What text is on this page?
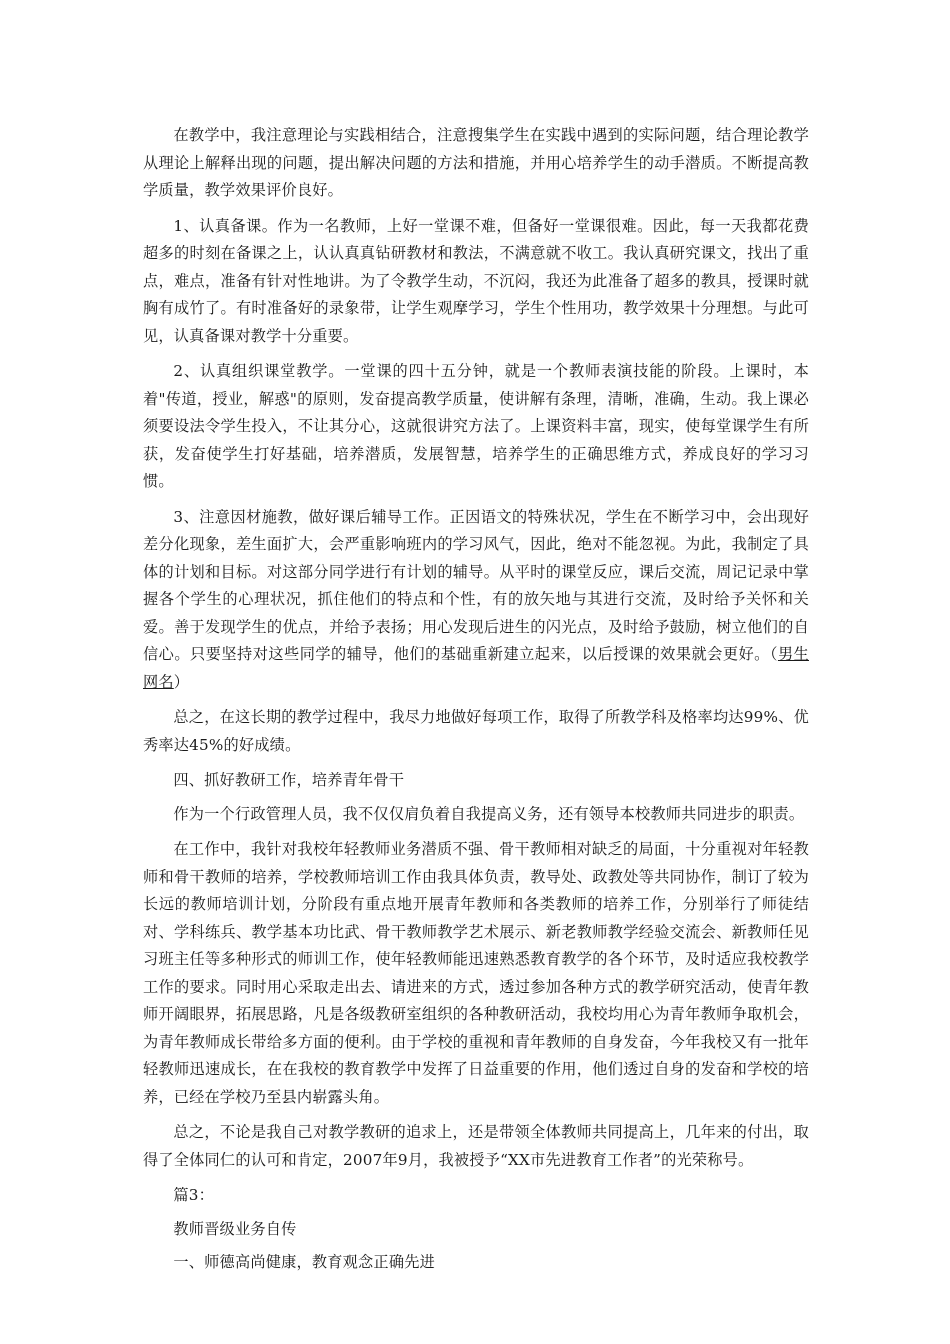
在教学中，我注意理论与实践相结合，注意搜集学生在实践中遇到的实际问题，结合理论教学从理论上解释出现的问题，提出解决问题的方法和措施，并用心培养学生的动手潜质。不断提高教学质量，教学效果评价良好。

1、认真备课。作为一名教师，上好一堂课不难，但备好一堂课很难。因此，每一天我都花费超多的时刻在备课之上，认认真真钻研教材和教法，不满意就不收工。我认真研究课文，找出了重点，难点，准备有针对性地讲。为了令教学生动，不沉闷，我还为此准备了超多的教具，授课时就胸有成竹了。有时准备好的录象带，让学生观摩学习，学生个性用功，教学效果十分理想。与此可见，认真备课对教学十分重要。

2、认真组织课堂教学。一堂课的四十五分钟，就是一个教师表演技能的阶段。上课时，本着"传道，授业，解惑"的原则，发奋提高教学质量，使讲解有条理，清晰，准确，生动。我上课必须要设法令学生投入，不让其分心，这就很讲究方法了。上课资料丰富，现实，使每堂课学生有所获，发奋使学生打好基础，培养潜质，发展智慧，培养学生的正确思维方式，养成良好的学习习惯。

3、注意因材施教，做好课后辅导工作。正因语文的特殊状况，学生在不断学习中，会出现好差分化现象，差生面扩大，会严重影响班内的学习风气，因此，绝对不能忽视。为此，我制定了具体的计划和目标。对这部分同学进行有计划的辅导。从平时的课堂反应，课后交流，周记记录中掌握各个学生的心理状况，抓住他们的特点和个性，有的放矢地与其进行交流，及时给予关怀和关爱。善于发现学生的优点，并给予表扬；用心发现后进生的闪光点，及时给予鼓励，树立他们的自信心。只要坚持对这些同学的辅导，他们的基础重新建立起来，以后授课的效果就会更好。（男生网名）

总之，在这长期的教学过程中，我尽力地做好每项工作，取得了所教学科及格率均达99%、优秀率达45%的好成绩。

四、抓好教研工作，培养青年骨干

作为一个行政管理人员，我不仅仅肩负着自我提高义务，还有领导本校教师共同进步的职责。

在工作中，我针对我校年轻教师业务潜质不强、骨干教师相对缺乏的局面，十分重视对年轻教师和骨干教师的培养，学校教师培训工作由我具体负责，教导处、政教处等共同协作，制订了较为长远的教师培训计划，分阶段有重点地开展青年教师和各类教师的培养工作，分别举行了师徒结对、学科练兵、教学基本功比武、骨干教师教学艺术展示、新老教师教学经验交流会、新教师任见习班主任等多种形式的师训工作，使年轻教师能迅速熟悉教育教学的各个环节，及时适应我校教学工作的要求。同时用心采取走出去、请进来的方式，透过参加各种方式的教学研究活动，使青年教师开阔眼界，拓展思路，凡是各级教研室组织的各种教研活动，我校均用心为青年教师争取机会，为青年教师成长带给多方面的便利。由于学校的重视和青年教师的自身发奋，今年我校又有一批年轻教师迅速成长，在在我校的教育教学中发挥了日益重要的作用，他们透过自身的发奋和学校的培养，已经在学校乃至县内崭露头角。

总之，不论是我自己对教学教研的追求上，还是带领全体教师共同提高上，几年来的付出，取得了全体同仁的认可和肯定，2007年9月，我被授予“XX市先进教育工作者”的光荣称号。

篇3：

教师晋级业务自传

一、师德高尚健康，教育观念正确先进
